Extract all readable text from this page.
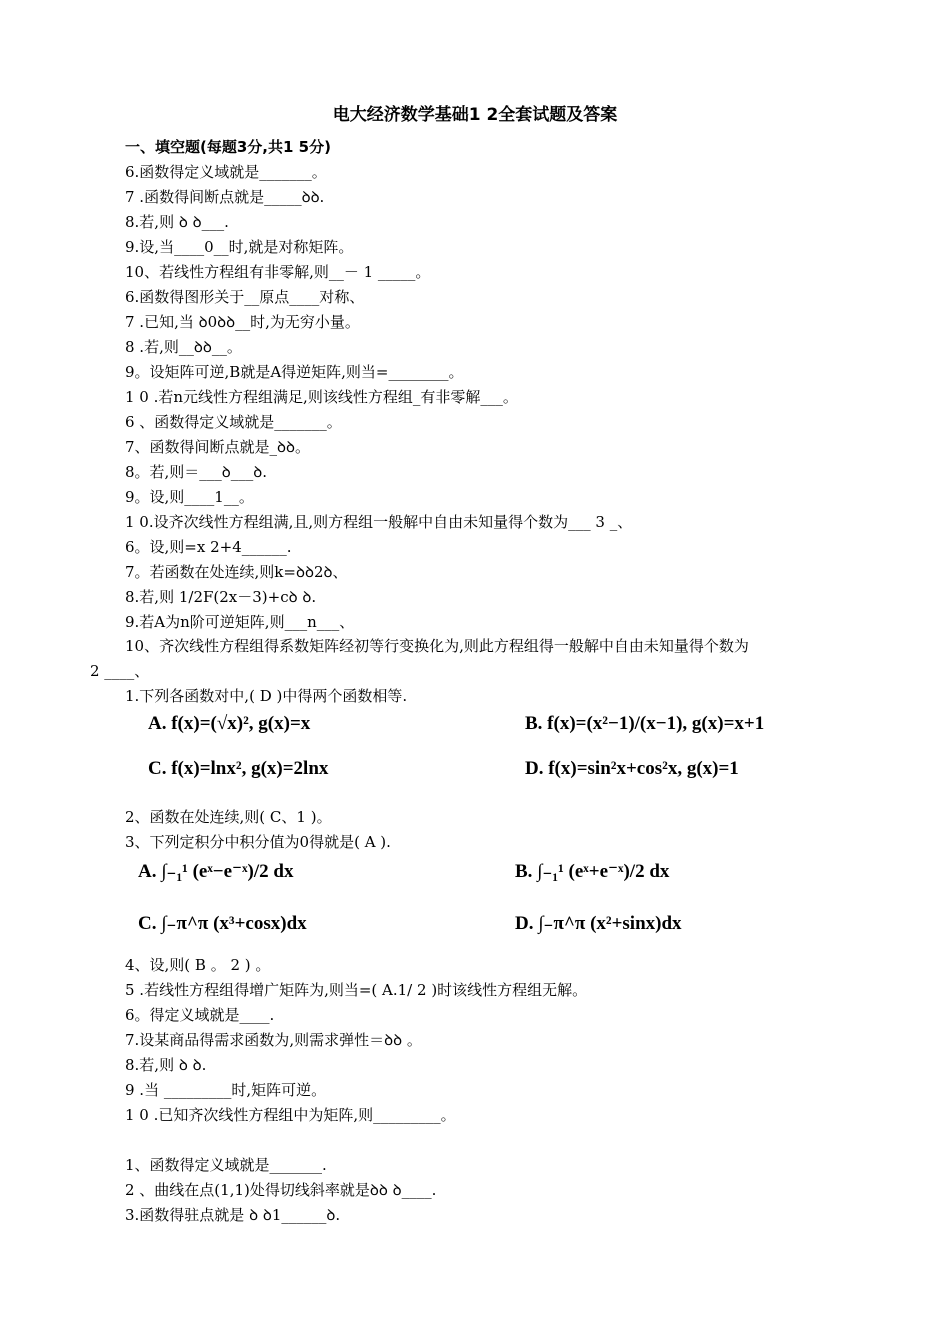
电大经济数学基础1 2全套试题及答案
一、填空题(每题3分,共1 5分)
6.函数得定义域就是_______。
7 .函数得间断点就是_____ꝺꝺ.
8.若,则 ꝺ ꝺ___.
9.设,当____0__时,就是对称矩阵。
10、若线性方程组有非零解,则__－ 1 _____。
6.函数得图形关于__原点____对称、
7 .已知,当 ꝺ0ꝺꝺ__时,为无穷小量。
8 .若,则__ꝺꝺ__。
9。设矩阵可逆,B就是A得逆矩阵,则当=________。
1 0 .若n元线性方程组满足,则该线性方程组_有非零解___。
6 、函数得定义域就是_______。
7、函数得间断点就是_ꝺꝺ。
8。若,则＝___ꝺ___ꝺ.
9。设,则____1__。
1 0.设齐次线性方程组满,且,则方程组一般解中自由未知量得个数为___ 3 _、
6。设,则=x 2+4______.
7。若函数在处连续,则k=ꝺꝺ2ꝺ、
8.若,则 1/2F(2x－3)+cꝺ ꝺ.
9.若A为n阶可逆矩阵,则___n___、
10、齐次线性方程组得系数矩阵经初等行变换化为,则此方程组得一般解中自由未知量得个数为
2 ____、
1.下列各函数对中,( D )中得两个函数相等.
A. f(x)=(√x)², g(x)=x	B. f(x)=(x²−1)/(x−1), g(x)=x+1
C. f(x)=lnx², g(x)=2lnx	D. f(x)=sin²x+cos²x, g(x)=1
2、函数在处连续,则( C、1 )。
3、下列定积分中积分值为0得就是( A ).
A. ∫₋₁¹ (eˣ−e⁻ˣ)/2 dx	B. ∫₋₁¹ (eˣ+e⁻ˣ)/2 dx
C. ∫₋π^π (x³+cosx)dx	D. ∫₋π^π (x²+sinx)dx
4、设,则( B 。 2 ) 。
5 .若线性方程组得增广矩阵为,则当=( A.1/ 2 )时该线性方程组无解。
6。得定义域就是____.
7.设某商品得需求函数为,则需求弹性＝ꝺꝺ 。
8.若,则 ꝺ ꝺ.
9 .当 _________时,矩阵可逆。
1 0 .已知齐次线性方程组中为矩阵,则_________。
1、函数得定义域就是_______.
2 、曲线在点(1,1)处得切线斜率就是ꝺꝺ ꝺ____.
3.函数得驻点就是 ꝺ ꝺ1______ꝺ.
